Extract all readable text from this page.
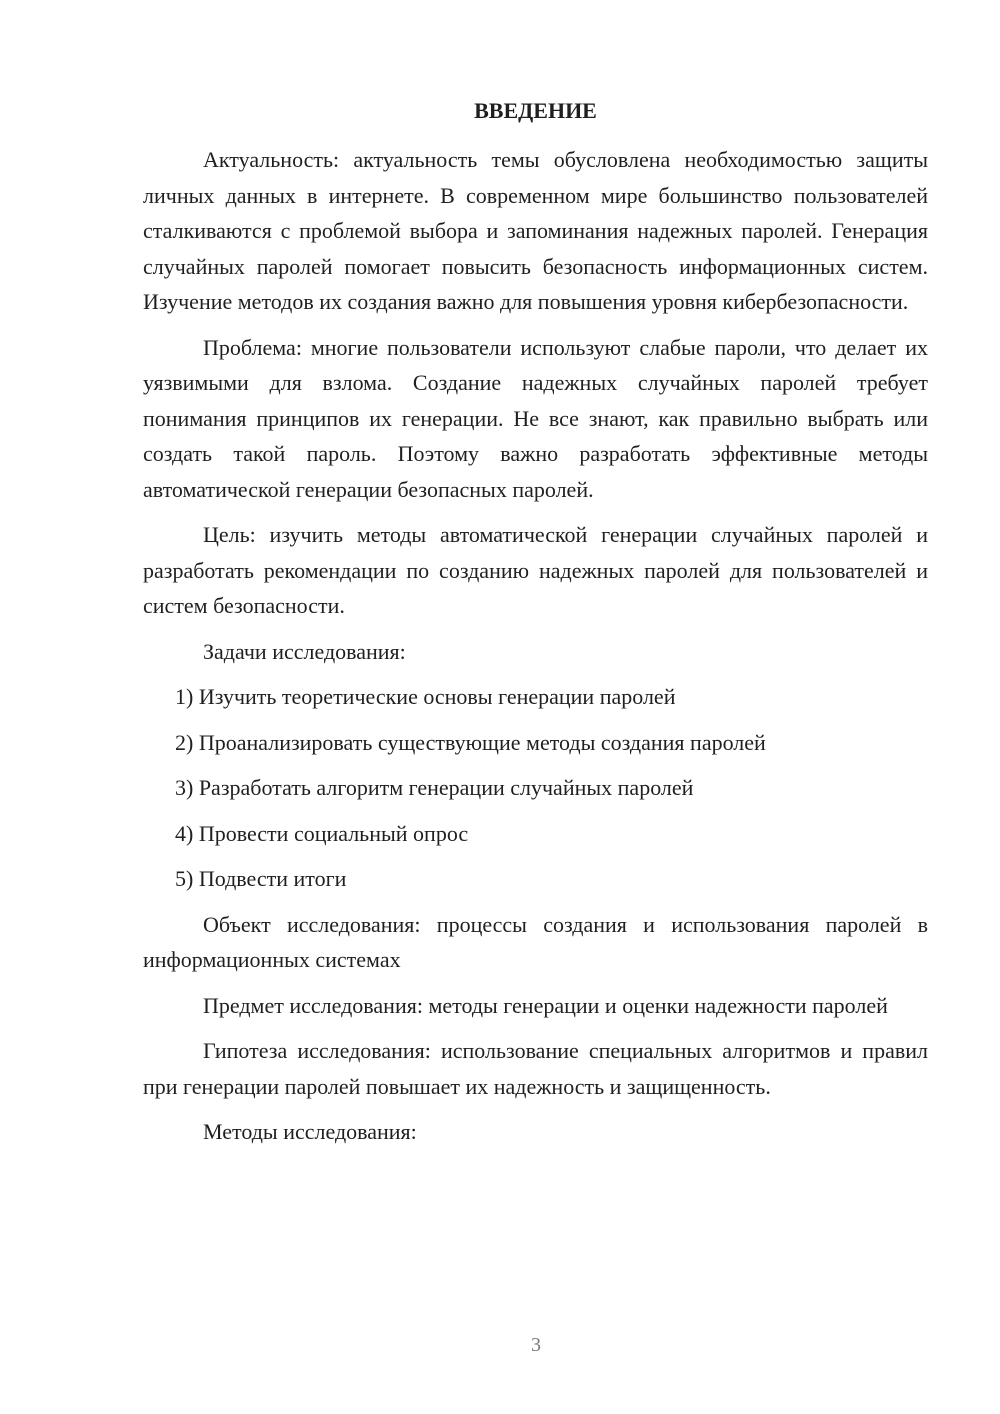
ВВЕДЕНИЕ

Актуальность: актуальность темы обусловлена необходимостью защиты личных данных в интернете. В современном мире большинство пользователей сталкиваются с проблемой выбора и запоминания надежных паролей. Генерация случайных паролей помогает повысить безопасность информационных систем. Изучение методов их создания важно для повышения уровня кибербезопасности.

Проблема: многие пользователи используют слабые пароли, что делает их уязвимыми для взлома. Создание надежных случайных паролей требует понимания принципов их генерации. Не все знают, как правильно выбрать или создать такой пароль. Поэтому важно разработать эффективные методы автоматической генерации безопасных паролей.

Цель: изучить методы автоматической генерации случайных паролей и разработать рекомендации по созданию надежных паролей для пользователей и систем безопасности.

Задачи исследования:

1) Изучить теоретические основы генерации паролей
2) Проанализировать существующие методы создания паролей
3) Разработать алгоритм генерации случайных паролей
4) Провести социальный опрос
5) Подвести итоги

Объект исследования: процессы создания и использования паролей в информационных системах

Предмет исследования: методы генерации и оценки надежности паролей

Гипотеза исследования: использование специальных алгоритмов и правил при генерации паролей повышает их надежность и защищенность.

Методы исследования:

3
